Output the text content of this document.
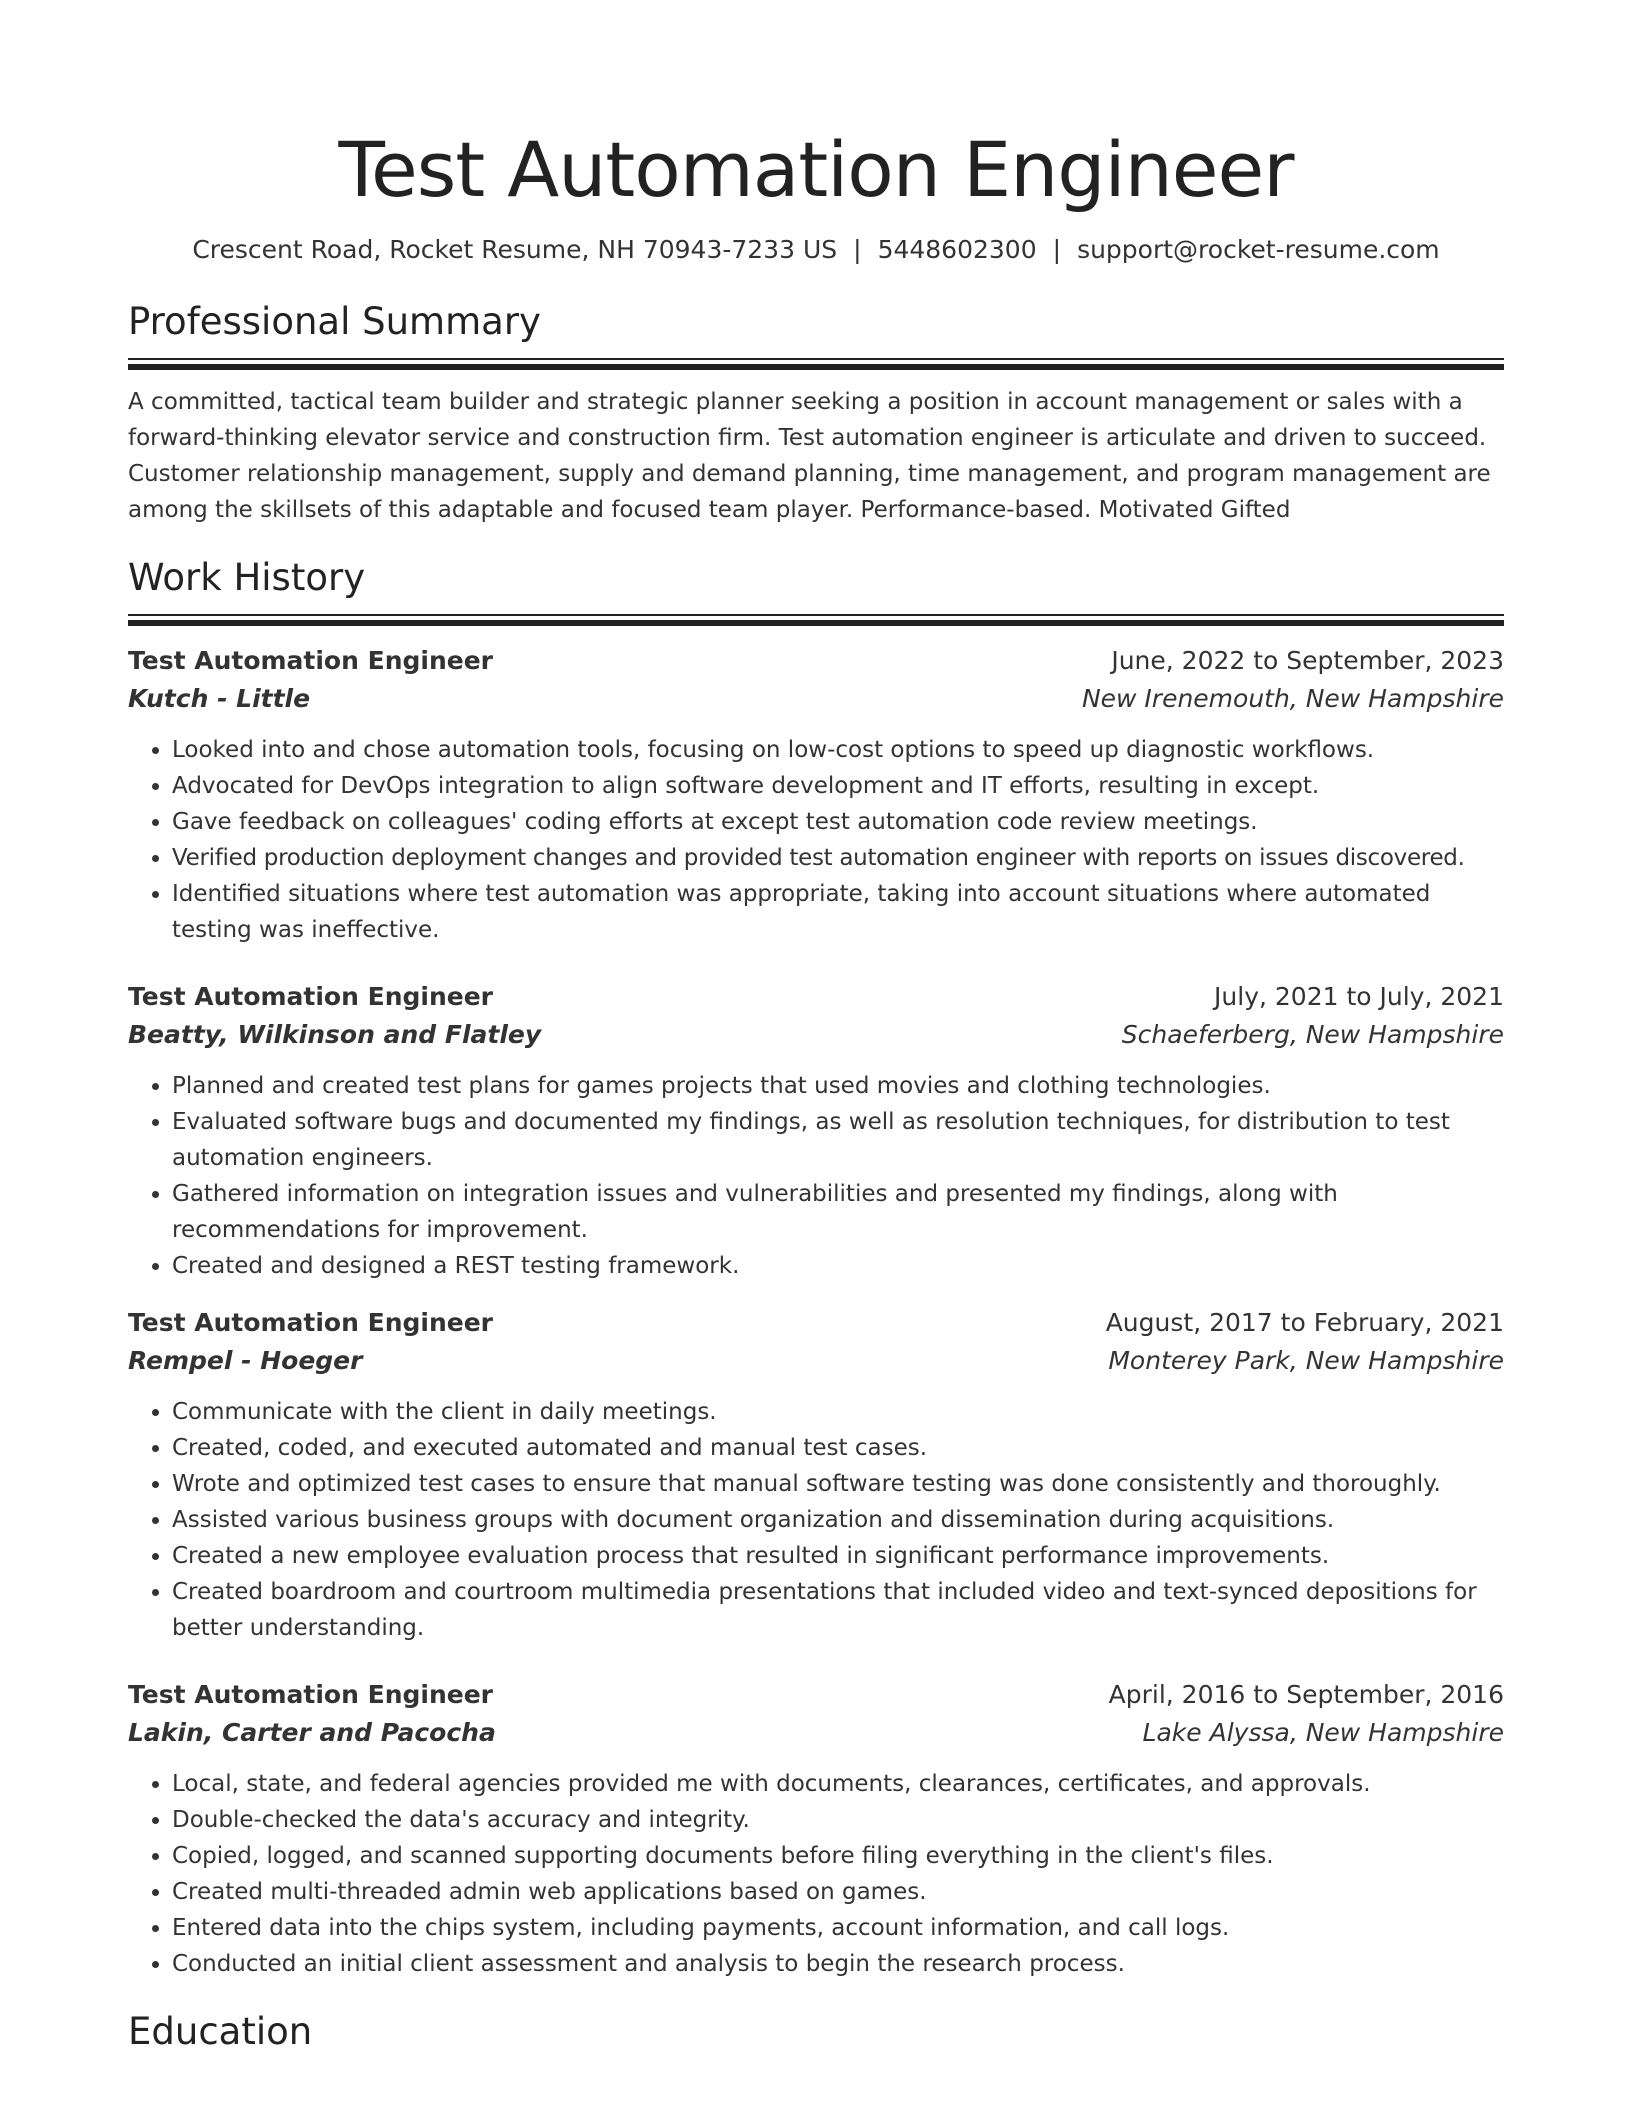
Test Automation Engineer
Crescent Road, Rocket Resume, NH 70943-7233 US | 5448602300 | support@rocket-resume.com
Professional Summary

A committed, tactical team builder and strategic planner seeking a position in account management or sales with a forward-thinking elevator service and construction firm. Test automation engineer is articulate and driven to succeed. Customer relationship management, supply and demand planning, time management, and program management are among the skillsets of this adaptable and focused team player. Performance-based. Motivated Gifted

Work History
Test Automation Engineer	June, 2022 to September, 2023
Kutch - Little	New Irenemouth, New Hampshire
• Looked into and chose automation tools, focusing on low-cost options to speed up diagnostic workflows.
• Advocated for DevOps integration to align software development and IT efforts, resulting in except.
• Gave feedback on colleagues' coding efforts at except test automation code review meetings.
• Verified production deployment changes and provided test automation engineer with reports on issues discovered.
• Identified situations where test automation was appropriate, taking into account situations where automated testing was ineffective.
Test Automation Engineer	July, 2021 to July, 2021
Beatty, Wilkinson and Flatley	Schaeferberg, New Hampshire
• Planned and created test plans for games projects that used movies and clothing technologies.
• Evaluated software bugs and documented my findings, as well as resolution techniques, for distribution to test automation engineers.
• Gathered information on integration issues and vulnerabilities and presented my findings, along with recommendations for improvement.
• Created and designed a REST testing framework.
Test Automation Engineer	August, 2017 to February, 2021
Rempel - Hoeger	Monterey Park, New Hampshire
• Communicate with the client in daily meetings.
• Created, coded, and executed automated and manual test cases.
• Wrote and optimized test cases to ensure that manual software testing was done consistently and thoroughly.
• Assisted various business groups with document organization and dissemination during acquisitions.
• Created a new employee evaluation process that resulted in significant performance improvements.
• Created boardroom and courtroom multimedia presentations that included video and text-synced depositions for better understanding.
Test Automation Engineer	April, 2016 to September, 2016
Lakin, Carter and Pacocha	Lake Alyssa, New Hampshire
• Local, state, and federal agencies provided me with documents, clearances, certificates, and approvals.
• Double-checked the data's accuracy and integrity.
• Copied, logged, and scanned supporting documents before filing everything in the client's files.
• Created multi-threaded admin web applications based on games.
• Entered data into the chips system, including payments, account information, and call logs.
• Conducted an initial client assessment and analysis to begin the research process.
Education
